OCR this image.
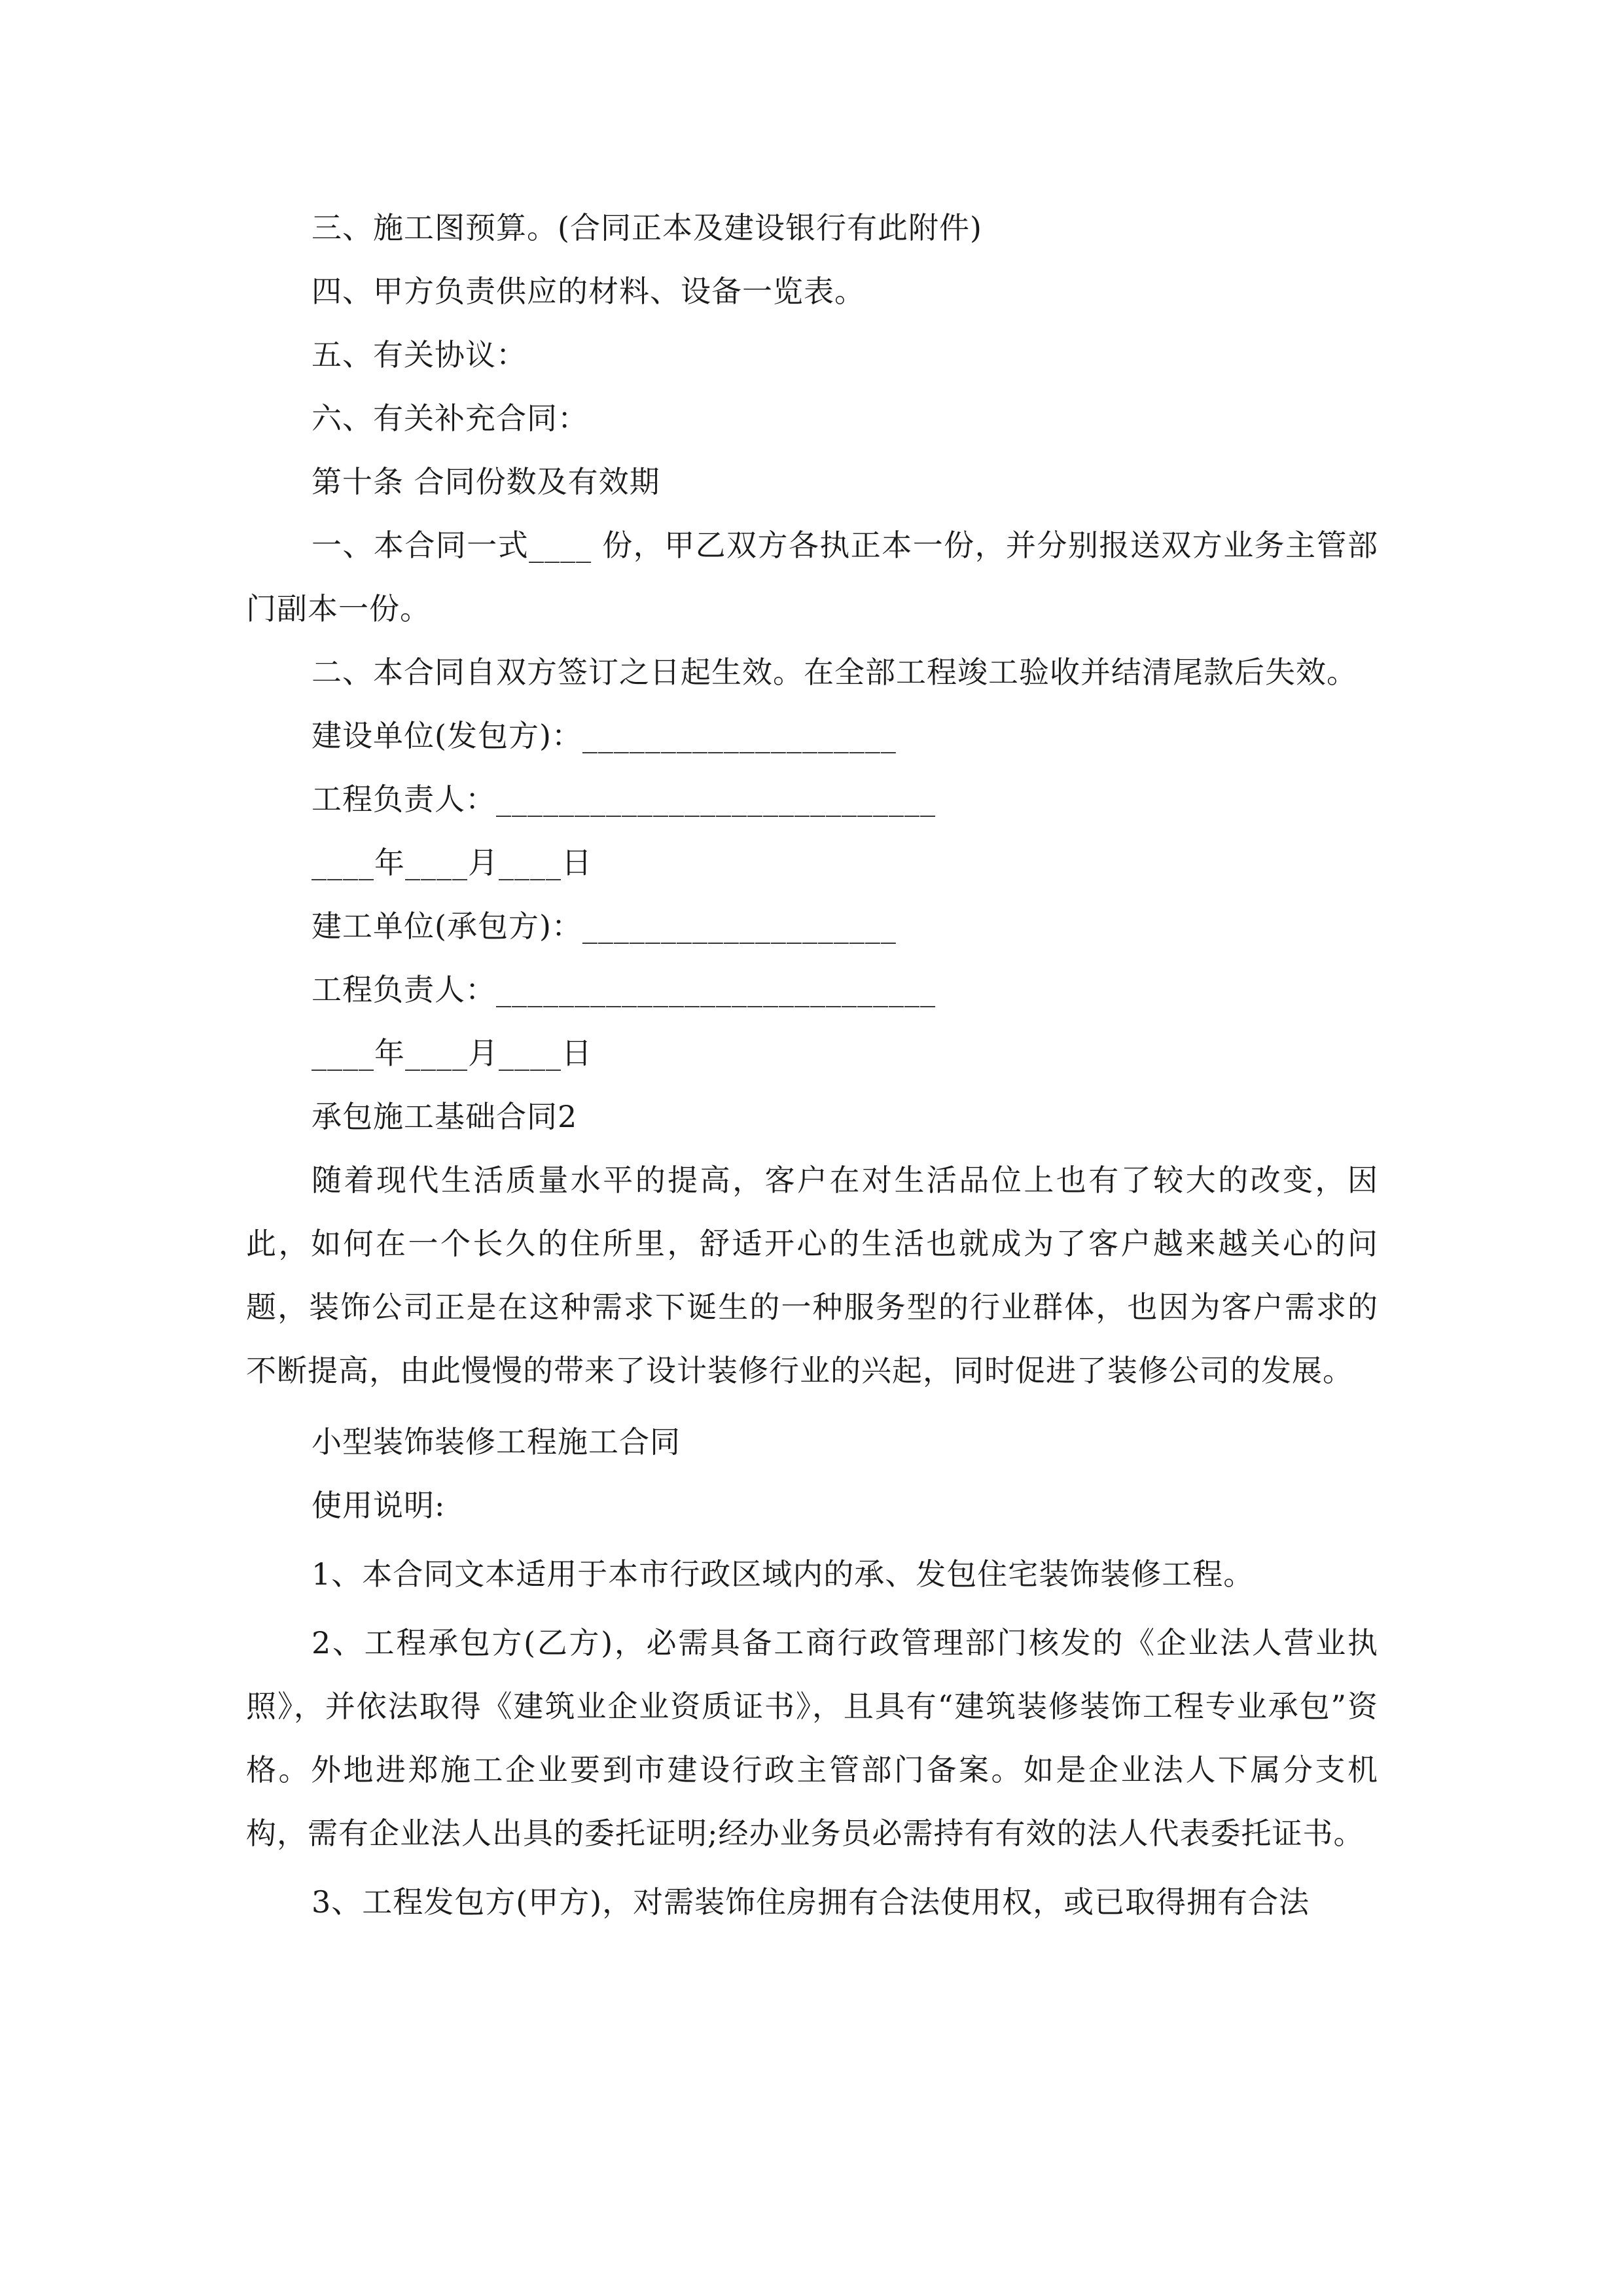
三、施工图预算。(合同正本及建设银行有此附件)

四、甲方负责供应的材料、设备一览表。

五、有关协议：

六、有关补充合同：

第十条 合同份数及有效期

一、本合同一式____ 份，甲乙双方各执正本一份，并分别报送双方业务主管部门副本一份。

二、本合同自双方签订之日起生效。在全部工程竣工验收并结清尾款后失效。

建设单位(发包方)：____________________

工程负责人：____________________________

____年____月____日

建工单位(承包方)：____________________

工程负责人：____________________________

____年____月____日

承包施工基础合同2

随着现代生活质量水平的提高，客户在对生活品位上也有了较大的改变，因此，如何在一个长久的住所里，舒适开心的生活也就成为了客户越来越关心的问题，装饰公司正是在这种需求下诞生的一种服务型的行业群体，也因为客户需求的不断提高，由此慢慢的带来了设计装修行业的兴起，同时促进了装修公司的发展。

小型装饰装修工程施工合同

使用说明:

1、本合同文本适用于本市行政区域内的承、发包住宅装饰装修工程。

2、工程承包方(乙方)，必需具备工商行政管理部门核发的《企业法人营业执照》，并依法取得《建筑业企业资质证书》，且具有“建筑装修装饰工程专业承包”资格。外地进郑施工企业要到市建设行政主管部门备案。如是企业法人下属分支机构，需有企业法人出具的委托证明;经办业务员必需持有有效的法人代表委托证书。

3、工程发包方(甲方)，对需装饰住房拥有合法使用权，或已取得拥有合法
